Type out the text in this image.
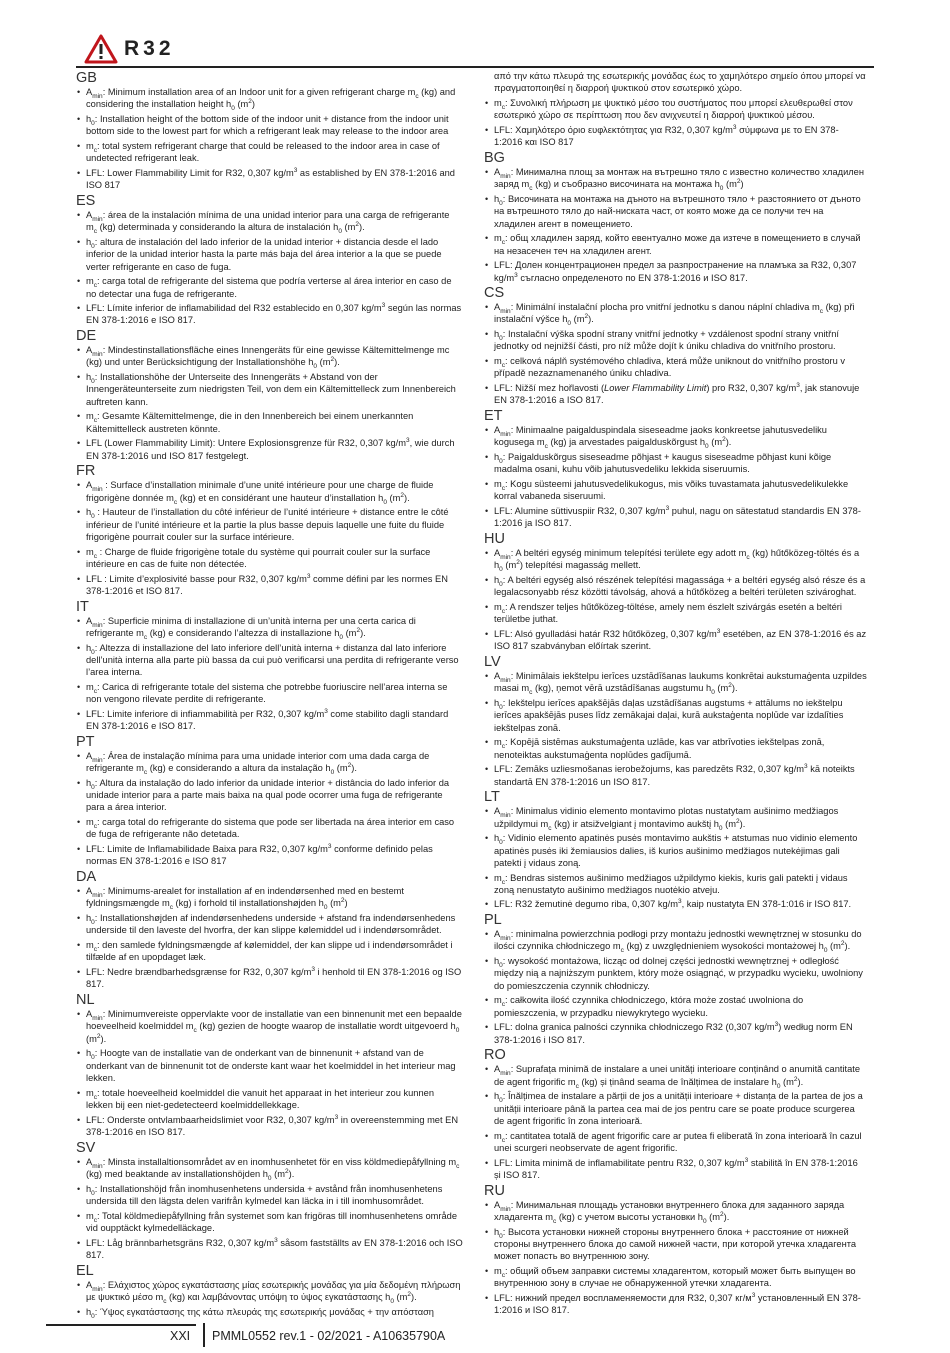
R32
GB
• $A_{min}$: Minimum installation area of an Indoor unit for a given refrigerant charge $m_c$ (kg) and considering the installation height $h_0$ $(m^2)$
• $h_0$: Installation height of the bottom side of the indoor unit + distance from the indoor unit bottom side to the lowest part for which a refrigerant leak may release to the indoor area
• $m_c$: total system refrigerant charge that could be released to the indoor area in case of undetected refrigerant leak.
• LFL: Lower Flammability Limit for R32, 0,307 $kg/m^3$ as established by EN 378-1:2016 and ISO 817
ES
• $A_{min}$: área de la instalación mínima de una unidad interior para una carga de refrigerante $m_c$ (kg) determinada y considerando la altura de instalación $h_0$ $(m^2)$.
• $h_0$: altura de instalación del lado inferior de la unidad interior + distancia desde el lado inferior de la unidad interior hasta la parte más baja del área interior a la que se puede verter refrigerante en caso de fuga.
• $m_c$: carga total de refrigerante del sistema que podría verterse al área interior en caso de no detectar una fuga de refrigerante.
• LFL: Límite inferior de inflamabilidad del R32 establecido en 0,307 $kg/m^3$ según las normas EN 378-1:2016 e ISO 817.
DE
• $A_{min}$: Mindestinstallationsfläche eines Innengeräts für eine gewisse Kältemittelmenge mc (kg) und unter Berücksichtigung der Installationshöhe $h_0$ $(m^2)$.
• $h_0$: Installationshöhe der Unterseite des Innengeräts + Abstand von der Innengeräteunterseite zum niedrigsten Teil, von dem ein Kältemittelleck zum Innenbereich auftreten kann.
• $m_c$: Gesamte Kältemittelmenge, die in den Innenbereich bei einem unerkannten Kältemittelleck austreten könnte.
• LFL (Lower Flammability Limit): Untere Explosionsgrenze für R32, 0,307 $kg/m^3$, wie durch EN 378-1:2016 und ISO 817 festgelegt.
FR
• $A_{min}$ : Surface d’installation minimale d’une unité intérieure pour une charge de fluide frigorigène donnée $m_c$ (kg) et en considérant une hauteur d’installation $h_0$ $(m^2)$.
• $h_0$ : Hauteur de l’installation du côté inférieur de l’unité intérieure + distance entre le côté inférieur de l’unité intérieure et la partie la plus basse depuis laquelle une fuite du fluide frigorigène pourrait couler sur la surface intérieure.
• $m_c$ : Charge de fluide frigorigène totale du système qui pourrait couler sur la surface intérieure en cas de fuite non détectée.
• LFL : Limite d’explosivité basse pour R32, 0,307 $kg/m^3$ comme défini par les normes EN 378-1:2016 et ISO 817.
IT
• $A_{min}$: Superficie minima di installazione di un’unità interna per una certa carica di refrigerante $m_c$ (kg) e considerando l’altezza di installazione $h_0$ $(m^2)$.
• $h_0$: Altezza di installazione del lato inferiore dell’unità interna + distanza dal lato inferiore dell’unità interna alla parte più bassa da cui può verificarsi una perdita di refrigerante verso l’area interna.
• $m_c$: Carica di refrigerante totale del sistema che potrebbe fuoriuscire nell’area interna se non vengono rilevate perdite di refrigerante.
• LFL: Limite inferiore di infiammabilità per R32, 0,307 $kg/m^3$ come stabilito dagli standard EN 378-1:2016 e ISO 817.
PT
• $A_{min}$: Área de instalação mínima para uma unidade interior com uma dada carga de refrigerante $m_c$ (kg) e considerando a altura da instalação $h_0$ $(m^2)$.
• $h_0$: Altura da instalação do lado inferior da unidade interior + distância do lado inferior da unidade interior para a parte mais baixa na qual pode ocorrer uma fuga de refrigerante para a área interior.
• $m_c$: carga total do refrigerante do sistema que pode ser libertada na área interior em caso de fuga de refrigerante não detetada.
• LFL: Limite de Inflamabilidade Baixa para R32, 0,307 $kg/m^3$ conforme definido pelas normas EN 378-1:2016 e ISO 817
DA
• $A_{min}$: Minimums-arealet for installation af en indendørsenhed med en bestemt fyldningsmængde $m_c$ (kg) i forhold til installationshøjden $h_0$ $(m^2)$
• $h_0$: Installationshøjden af indendørsenhedens underside + afstand fra indendørsenhedens underside til den laveste del hvorfra, der kan slippe kølemiddel ud i indendørsområdet.
• $m_c$: den samlede fyldningsmængde af kølemiddel, der kan slippe ud i indendørsområdet i tilfælde af en upopdaget læk.
• LFL: Nedre brændbarhedsgrænse for R32, 0,307 $kg/m^3$ i henhold til EN 378-1:2016 og ISO 817.
NL
• $A_{min}$: Minimumvereiste oppervlakte voor de installatie van een binnenunit met een bepaalde hoeveelheid koelmiddel $m_c$ (kg) gezien de hoogte waarop de installatie wordt uitgevoerd $h_0$ $(m^2)$.
• $h_0$: Hoogte van de installatie van de onderkant van de binnenunit + afstand van de onderkant van de binnenunit tot de onderste kant waar het koelmiddel in het interieur mag lekken.
• $m_c$: totale hoeveelheid koelmiddel die vanuit het apparaat in het interieur zou kunnen lekken bij een niet-gedetecteerd koelmiddellekkage.
• LFL: Onderste ontvlambaarheidslimiet voor R32, 0,307 $kg/m^3$ in overeenstemming met EN 378-1:2016 en ISO 817.
SV
• $A_{min}$: Minsta installaltionsområdet av en inomhusenhetet för en viss köldmediepåfyllning $m_c$ (kg) med beaktande av installationshöjden $h_0$ $(m^2)$.
• $h_0$: Installationshöjd från inomhusenhetens undersida + avstånd från inomhusenhetens undersida till den lägsta delen varifrån kylmedel kan läcka in i till inomhusområdet.
• $m_c$: Total köldmediepåfyllning från systemet som kan frigöras till inomhusenhetens område vid oupptäckt kylmedelläckage.
• LFL: Låg brännbarhetsgräns R32, 0,307 $kg/m^3$ såsom fastställts av EN 378-1:2016 och ISO 817.
EL
• $A_{min}$: Ελάχιστος χώρος εγκατάστασης μίας εσωτερικής μονάδας για μία δεδομένη πλήρωση με ψυκτικό μέσο $m_c$ (kg) και λαμβάνοντας υπόψη το ύψος εγκατάστασης $h_0$ $(m^2)$.
• $h_0$: Ύψος εγκατάστασης της κάτω πλευράς της εσωτερικής μονάδας + την απόσταση
από την κάτω πλευρά της εσωτερικής μονάδας έως το χαμηλότερο σημείο όπου μπορεί να πραγματοποιηθεί η διαρροή ψυκτικού στον εσωτερικό χώρο.
• $m_c$: Συνολική πλήρωση με ψυκτικό μέσο του συστήματος που μπορεί ελευθερωθεί στον εσωτερικό χώρο σε περίπτωση που δεν ανιχνευτεί η διαρροή ψυκτικού μέσου.
• LFL: Χαμηλότερο όριο ευφλεκτότητας για R32, 0,307 $kg/m^3$ σύμφωνα με το EN 378-1:2016 και ISO 817
BG
• $A_{min}$: Минимална площ за монтаж на вътрешно тяло с известно количество хладилен заряд $m_c$ (kg) и съобразно височината на монтажа $h_0$ $(m^2)$
• $h_0$: Височината на монтажа на дъното на вътрешното тяло + разстоянието от дъното на вътрешното тяло до най-ниската част, от която може да се получи теч на хладилен агент в помещението.
• $m_c$: общ хладилен заряд, който евентуално може да изтече в помещението в случай на незасечен теч на хладилен агент.
• LFL: Долен концентрационен предел за разпространение на пламъка за R32, 0,307 $kg/m^3$ съгласно определеното по EN 378-1:2016 и ISO 817.
CS
• $A_{min}$: Minimální instalační plocha pro vnitřní jednotku s danou náplní chladiva $m_c$ (kg) při instalační výšce $h_0$ $(m^2)$.
• $h_0$: Instalační výška spodní strany vnitřní jednotky + vzdálenost spodní strany vnitřní jednotky od nejnižší části, pro níž může dojít k úniku chladiva do vnitřního prostoru.
• $m_c$: celková náplň systémového chladiva, která může uniknout do vnitřního prostoru v případě nezaznamenaného úniku chladiva.
• LFL: Nižší mez hořlavosti (Lower Flammability Limit) pro R32, 0,307 $kg/m^3$, jak stanovuje EN 378-1:2016 a ISO 817.
ET
• $A_{min}$: Minimaalne paigalduspindala siseseadme jaoks konkreetse jahutusvedeliku kogusega $m_c$ (kg) ja arvestades paigalduskõrgust $h_0$ $(m^2)$.
• $h_0$: Paigalduskõrgus siseseadme põhjast + kaugus siseseadme põhjast kuni kõige madalma osani, kuhu võib jahutusvedeliku lekkida siseruumis.
• $m_c$: Kogu süsteemi jahutusvedelikukogus, mis võiks tuvastamata jahutusvedelikulekke korral vabaneda siseruumi.
• LFL: Alumine süttivuspiir R32, 0,307 $kg/m^3$ puhul, nagu on sätestatud standardis EN 378-1:2016 ja ISO 817.
HU
• $A_{min}$: A beltéri egység minimum telepítési területe egy adott $m_c$ (kg) hűtőközeg-töltés és a $h_0$ $(m^2)$ telepítési magasság mellett.
• $h_0$: A beltéri egység alsó részének telepítési magassága + a beltéri egység alsó része és a legalacsonyabb rész közötti távolság, ahová a hűtőközeg a beltéri területen szivároghat.
• $m_c$: A rendszer teljes hűtőközeg-töltése, amely nem észlelt szivárgás esetén a beltéri területbe juthat.
• LFL: Alsó gyulladási határ R32 hűtőközeg, 0,307 $kg/m^3$ esetében, az EN 378-1:2016 és az ISO 817 szabványban előírtak szerint.
LV
• $A_{min}$: Minimālais iekštelpu ierīces uzstādīšanas laukums konkrētai aukstumaģenta uzpildes masai $m_c$ (kg), ņemot vērā uzstādīšanas augstumu $h_0$ $(m^2)$.
• $h_0$: Iekštelpu ierīces apakšējās daļas uzstādīšanas augstums + attālums no iekštelpu ierīces apakšējās puses līdz zemākajai daļai, kurā aukstaģenta noplūde var izdalīties iekštelpas zonā.
• $m_c$: Kopējā sistēmas aukstumaģenta uzlāde, kas var atbrīvoties iekštelpas zonā, nenoteiktas aukstumaģenta noplūdes gadījumā.
• LFL: Zemāks uzliesmošanas ierobežojums, kas paredzēts R32, 0,307 $kg/m^3$ kā noteikts standartā EN 378-1:2016 un ISO 817.
LT
• $A_{min}$: Minimalus vidinio elemento montavimo plotas nustatytam aušinimo medžiagos užpildymui $m_c$ (kg) ir atsižvelgiant į montavimo aukštį $h_0$ $(m^2)$.
• $h_0$: Vidinio elemento apatinės pusės montavimo aukštis + atstumas nuo vidinio elemento apatinės pusės iki žemiausios dalies, iš kurios aušinimo medžiagos nutekėjimas gali patekti į vidaus zoną.
• $m_c$: Bendras sistemos aušinimo medžiagos užpildymo kiekis, kuris gali patekti į vidaus zoną nenustatyto aušinimo medžiagos nuotėkio atveju.
• LFL: R32 žemutinė degumo riba, 0,307 $kg/m^3$, kaip nustatyta EN 378-1:016 ir ISO 817.
PL
• $A_{min}$: minimalna powierzchnia podłogi przy montażu jednostki wewnętrznej w stosunku do ilości czynnika chłodniczego $m_c$ (kg) z uwzględnieniem wysokości montażowej $h_0$ $(m^2)$.
• $h_0$: wysokość montażowa, licząc od dolnej części jednostki wewnętrznej + odległość między nią a najniższym punktem, który może osiągnąć, w przypadku wycieku, uwolniony do pomieszczenia czynnik chłodniczy.
• $m_c$: całkowita ilość czynnika chłodniczego, która może zostać uwolniona do pomieszczenia, w przypadku niewykrytego wycieku.
• LFL: dolna granica palności czynnika chłodniczego R32 (0,307 $kg/m^3$) według norm EN 378-1:2016 i ISO 817.
RO
• $A_{min}$: Suprafața minimă de instalare a unei unități interioare conținând o anumită cantitate de agent frigorific $m_c$ (kg) și ținând seama de înălțimea de instalare $h_0$ $(m^2)$.
• $h_0$: Înălțimea de instalare a părții de jos a unității interioare + distanța de la partea de jos a unității interioare până la partea cea mai de jos pentru care se poate produce scurgerea de agent frigorific în zona interioară.
• $m_c$: cantitatea totală de agent frigorific care ar putea fi eliberată în zona interioară în cazul unei scurgeri neobservate de agent frigorific.
• LFL: Limita minimă de inflamabilitate pentru R32, 0,307 $kg/m^3$ stabilită în EN 378-1:2016 și ISO 817.
RU
• $A_{min}$: Минимальная площадь установки внутреннего блока для заданного заряда хладагента $m_c$ (kg) с учетом высоты установки $h_0$ $(m^2)$.
• $h_0$: Высота установки нижней стороны внутреннего блока + расстояние от нижней стороны внутреннего блока до самой нижней части, при которой утечка хладагента может попасть во внутреннюю зону.
• $m_c$: общий объем заправки системы хладагентом, который может быть выпущен во внутреннюю зону в случае не обнаруженной утечки хладагента.
• LFL: нижний предел воспламеняемости для R32, 0,307 $кг/м^3$ установленный EN 378-1:2016 и ISO 817.
XXI PMML0552 rev.1 - 02/2021 - A10635790A
